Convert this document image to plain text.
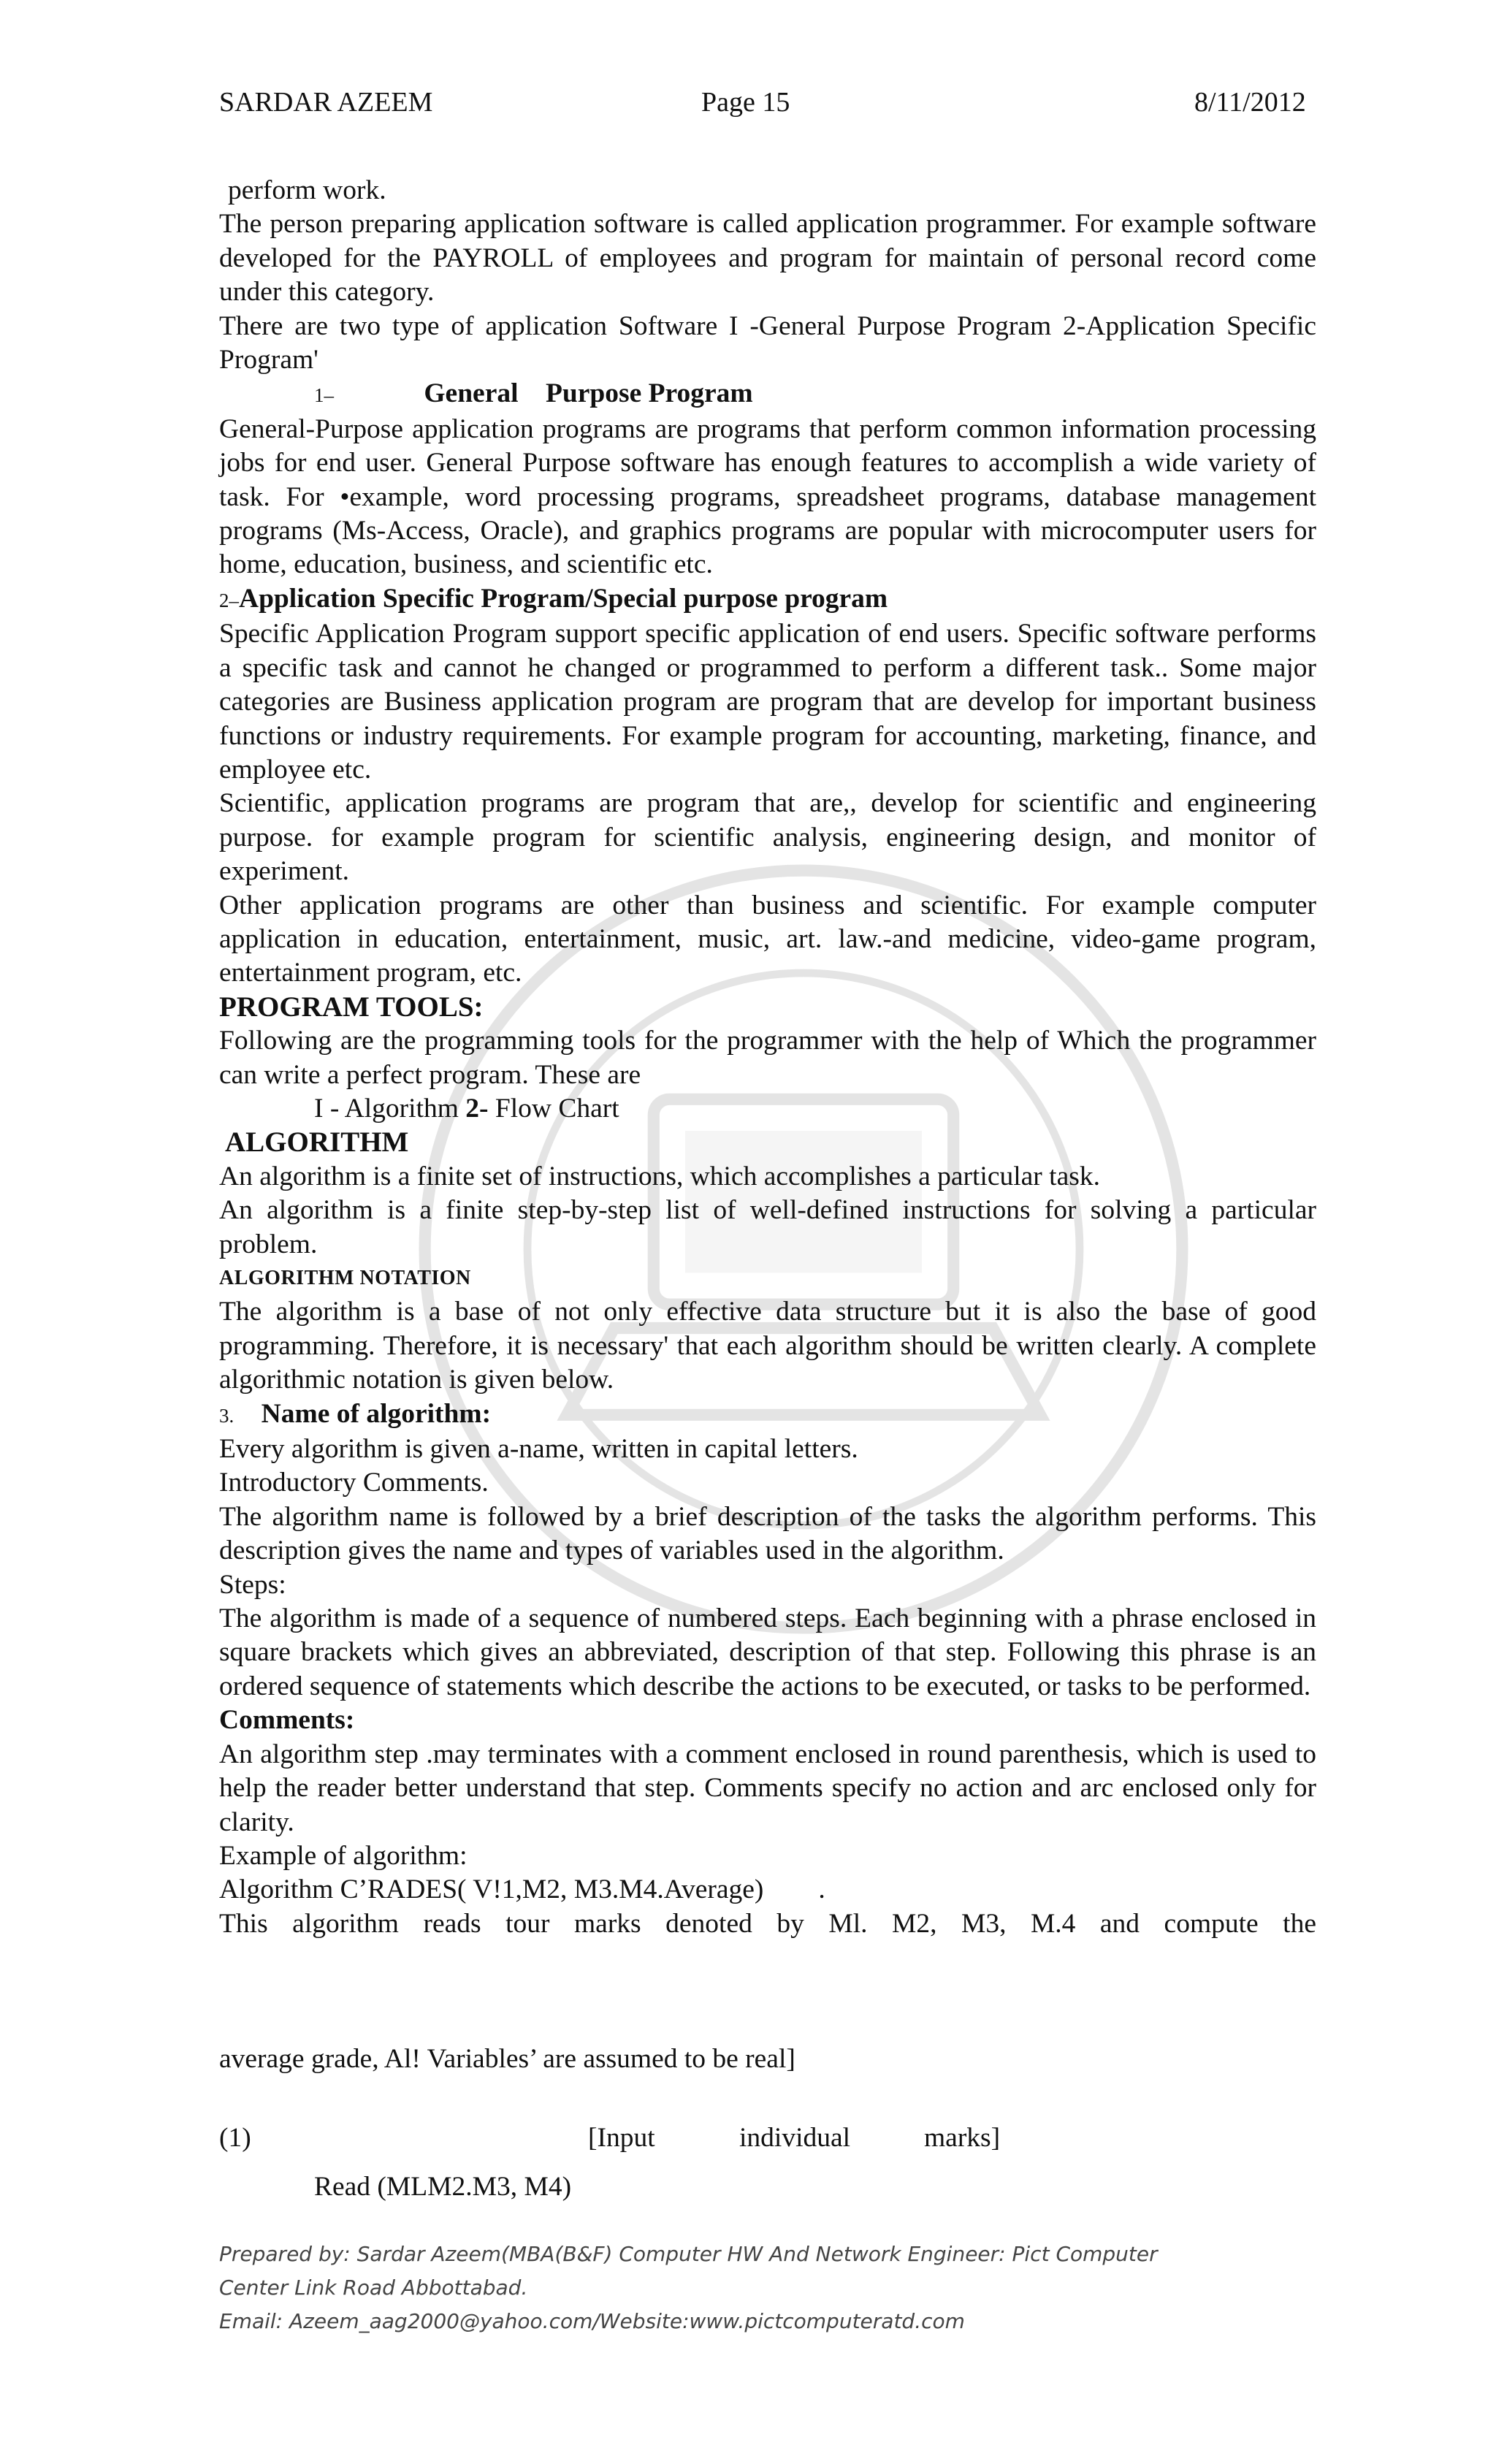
SARDAR AZEEM	Page 15	8/11/2012

perform work.

The person preparing application software is called application programmer. For example software developed for the PAYROLL of employees and program for maintain of personal record come under this category.

There are two type of application Software I -General Purpose Program 2-Application Specific Program'

1–	General    Purpose Program

General-Purpose application programs are programs that perform common information processing jobs for end user. General Purpose software has enough features to accomplish a wide variety of task. For •example, word processing programs, spreadsheet programs, database management programs (Ms-Access, Oracle), and graphics programs are popular with microcomputer users for home, education, business, and scientific etc.

2–Application Specific Program/Special purpose program

Specific Application Program support specific application of end users. Specific software performs a specific task and cannot he changed or programmed to perform a different task.. Some major categories are Business application program are program that are develop for important business functions or industry requirements. For example program for accounting, marketing, finance, and employee etc.

Scientific, application programs are program that are,, develop for scientific and engineering purpose. for example program for scientific analysis, engineering design, and monitor of experiment.

Other application programs are other than business and scientific. For example computer application in education, entertainment, music, art. law.-and medicine, video-game program, entertainment program, etc.

PROGRAM TOOLS:

Following are the programming tools for the programmer with the help of Which the programmer can write a perfect program. These are

I - Algorithm 2- Flow Chart

ALGORITHM

An algorithm is a finite set of instructions, which accomplishes a particular task.

An algorithm is a finite step-by-step list of well-defined instructions for solving a particular problem.

ALGORITHM NOTATION

The algorithm is a base of not only effective data structure but it is also the base of good programming. Therefore, it is necessary' that each algorithm should be written clearly. A complete algorithmic notation is given below.

3. Name of algorithm:

Every algorithm is given a-name, written in capital letters.

Introductory Comments.

The algorithm name is followed by a brief description of the tasks the algorithm performs. This description gives the name and types of variables used in the algorithm.

Steps:

The algorithm is made of a sequence of numbered steps. Each beginning with a phrase enclosed in square brackets which gives an abbreviated, description of that step. Following this phrase is an ordered sequence of statements which describe the actions to be executed, or tasks to be performed.

Comments:

An algorithm step .may terminates with a comment enclosed in round parenthesis, which is used to help the reader better understand that step. Comments specify no action and arc enclosed only for clarity.

Example of algorithm:

Algorithm C’RADES( V!1,M2, M3.M4.Average)        .

This algorithm reads tour marks denoted by Ml. M2, M3, M.4 and compute the

average grade, Al! Variables’ are assumed to be real]
(1)	[Input	individual	marks]
Read (MLM2.M3, M4)
Prepared by: Sardar Azeem(MBA(B&F) Computer HW And Network Engineer: Pict Computer
Center Link Road Abbottabad.
Email: Azeem_aag2000@yahoo.com/Website:www.pictcomputeratd.com
